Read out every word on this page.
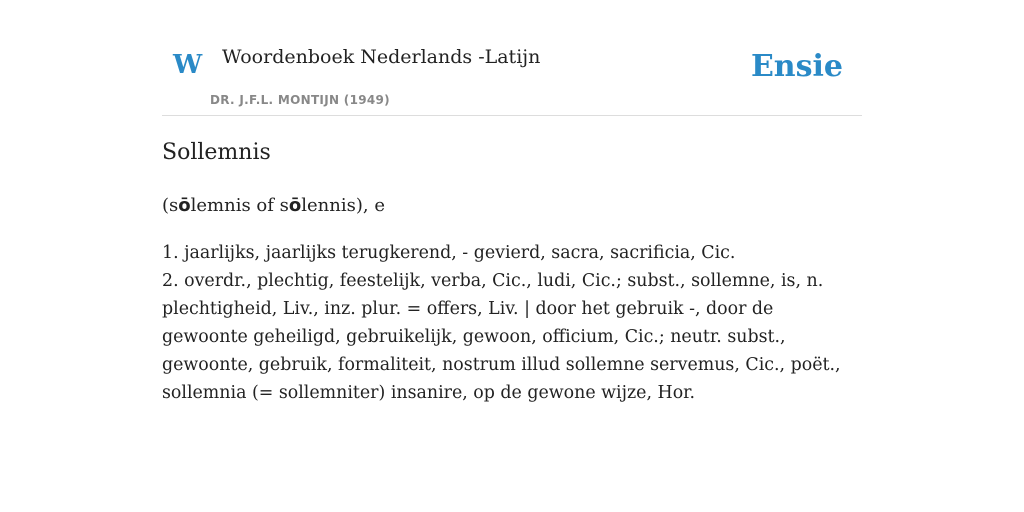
W Woordenboek Nederlands -Latijn
DR. J.F.L. MONTIJN (1949)
Ensie
Sollemnis
(sōlemnis of sōlennis), e
1. jaarlijks, jaarlijks terugkerend, - gevierd, sacra, sacrificia, Cic.
2. overdr., plechtig, feestelijk, verba, Cic., ludi, Cic.; subst., sollemne, is, n. plechtigheid, Liv., inz. plur. = offers, Liv. | door het gebruik -, door de gewoonte geheiligd, gebruikelijk, gewoon, officium, Cic.; neutr. subst., gewoonte, gebruik, formaliteit, nostrum illud sollemne servemus, Cic., poët., sollemnia (= sollemniter) insanire, op de gewone wijze, Hor.
